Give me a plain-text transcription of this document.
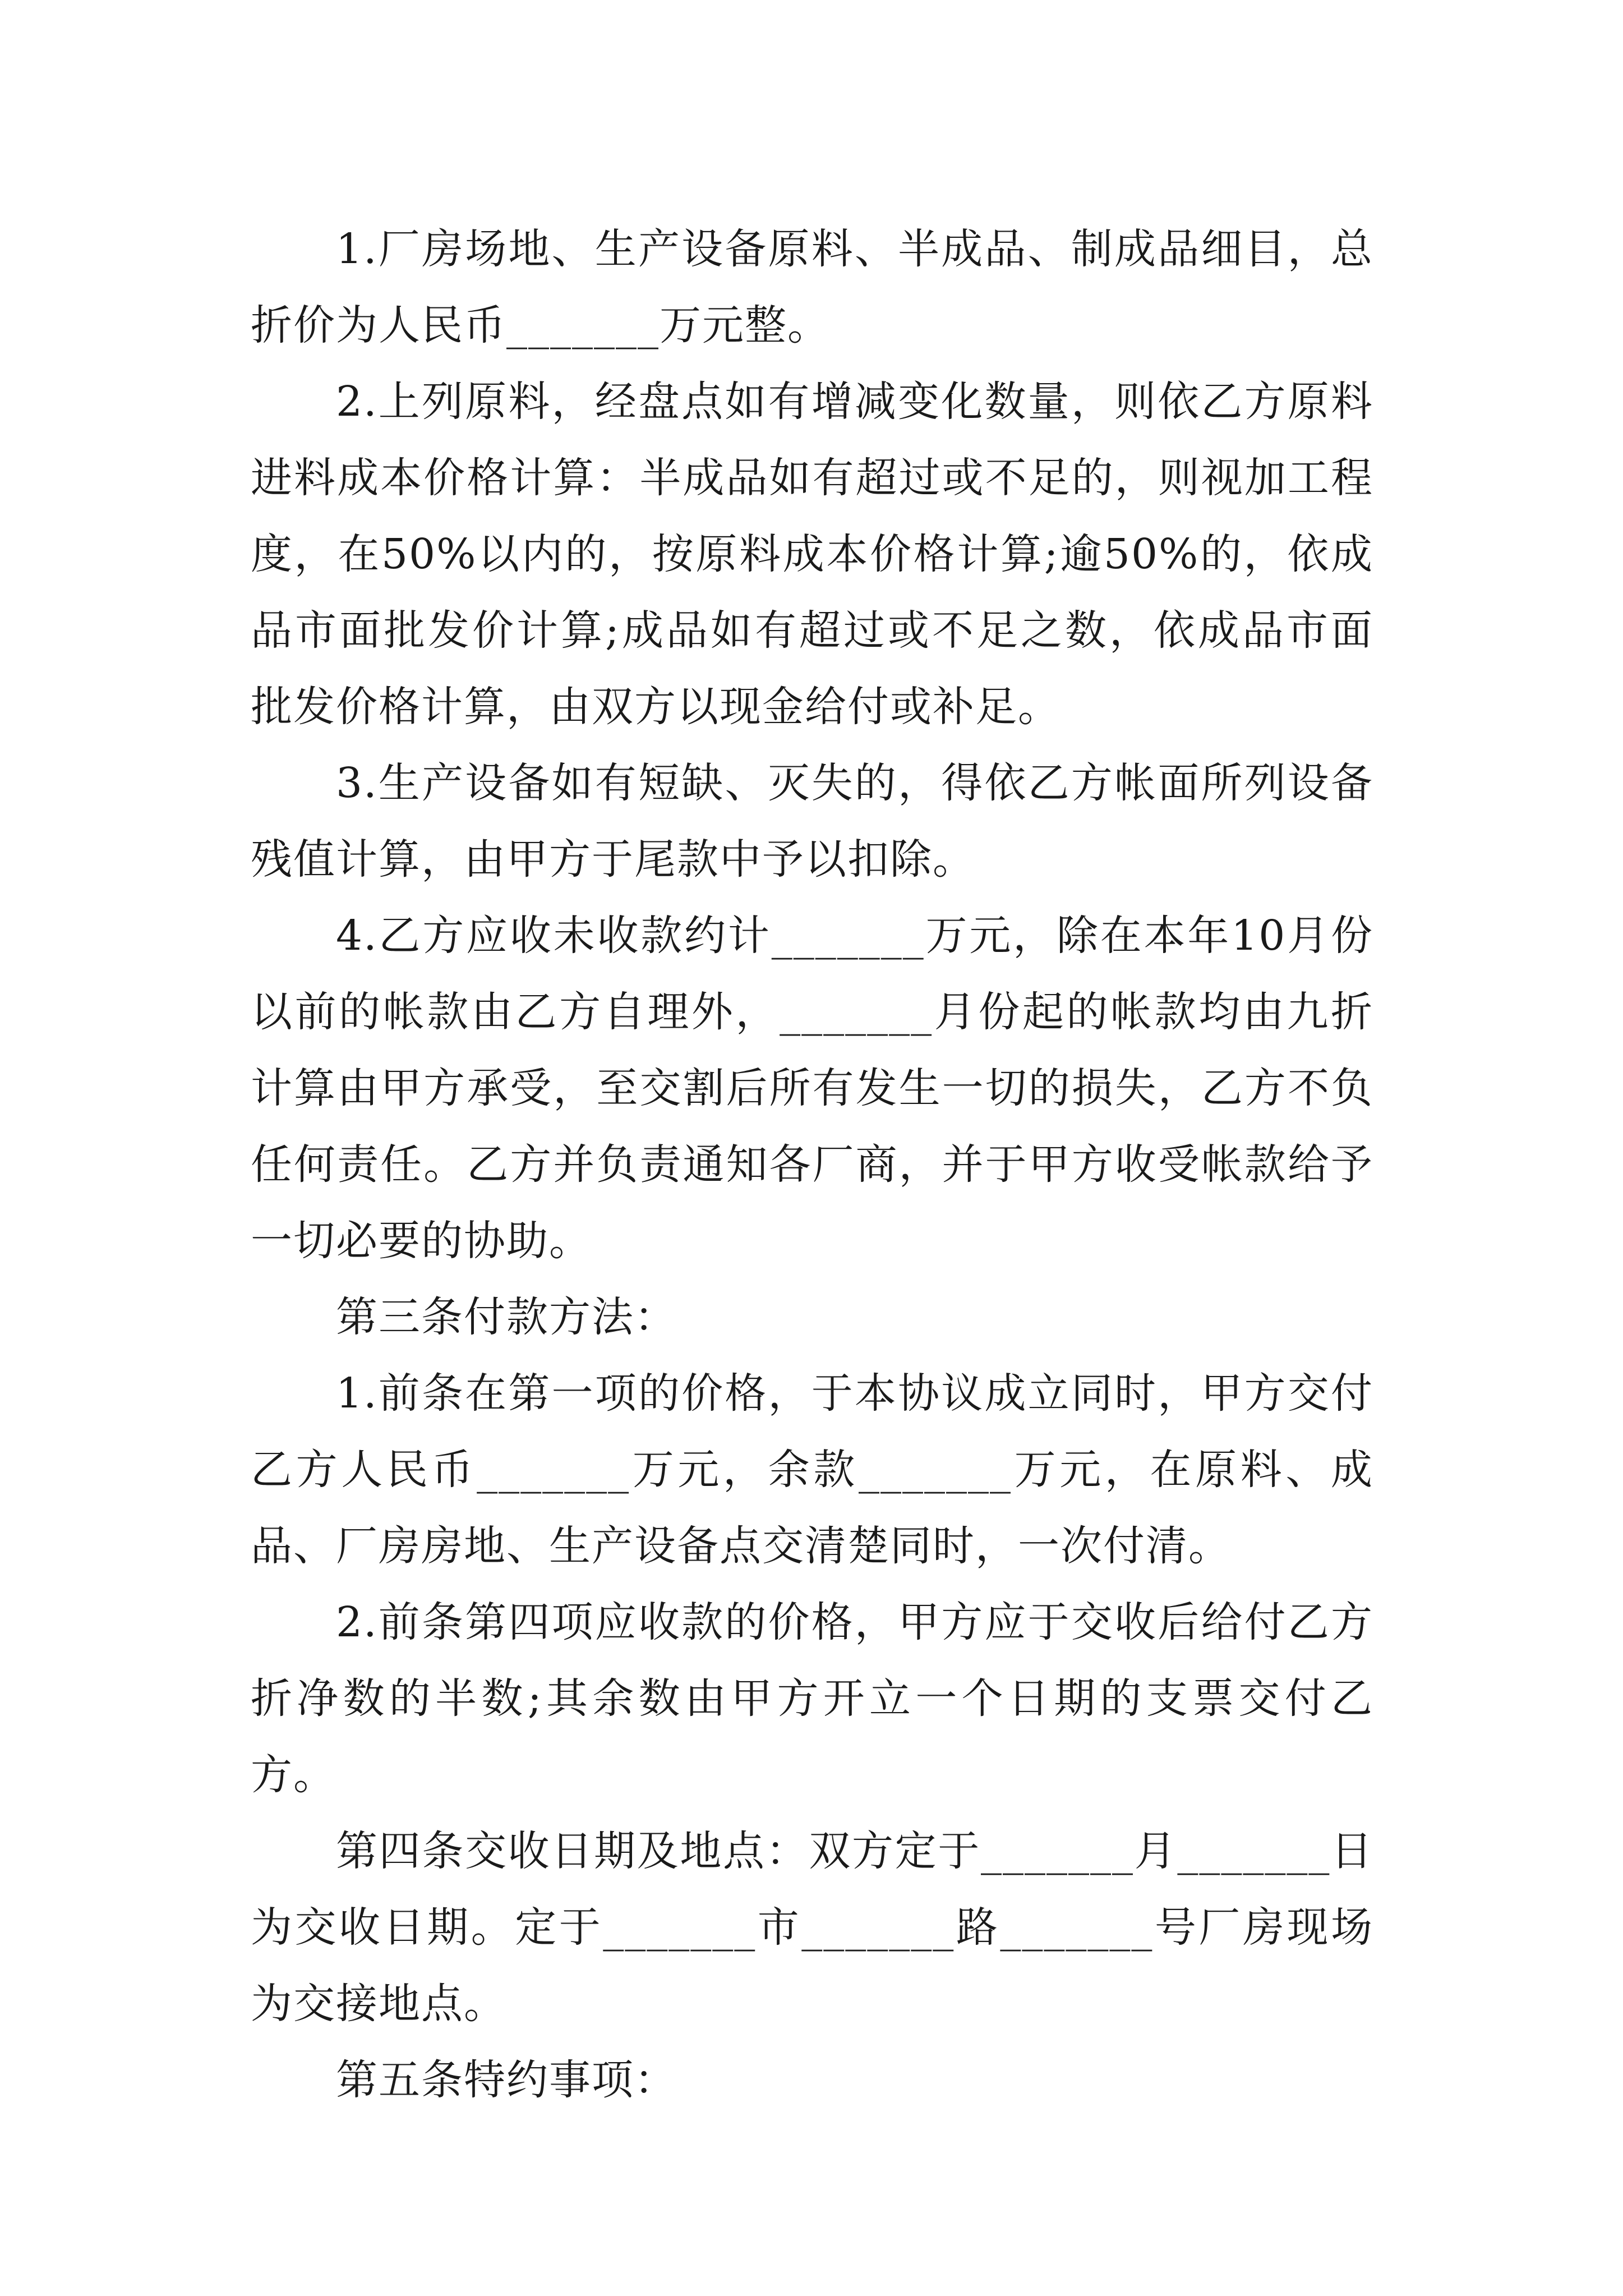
1.厂房场地、生产设备原料、半成品、制成品细目，总折价为人民币_______万元整。

2.上列原料，经盘点如有增减变化数量，则依乙方原料进料成本价格计算：半成品如有超过或不足的，则视加工程度，在50%以内的，按原料成本价格计算;逾50%的，依成品市面批发价计算;成品如有超过或不足之数，依成品市面批发价格计算，由双方以现金给付或补足。

3.生产设备如有短缺、灭失的，得依乙方帐面所列设备残值计算，由甲方于尾款中予以扣除。

4.乙方应收未收款约计_______万元，除在本年10月份以前的帐款由乙方自理外，_______月份起的帐款均由九折计算由甲方承受，至交割后所有发生一切的损失，乙方不负任何责任。乙方并负责通知各厂商，并于甲方收受帐款给予一切必要的协助。

第三条付款方法：

1.前条在第一项的价格，于本协议成立同时，甲方交付乙方人民币_______万元，余款_______万元，在原料、成品、厂房房地、生产设备点交清楚同时，一次付清。

2.前条第四项应收款的价格，甲方应于交收后给付乙方折净数的半数;其余数由甲方开立一个日期的支票交付乙方。

第四条交收日期及地点：双方定于_______月_______日为交收日期。定于_______市_______路_______号厂房现场为交接地点。

第五条特约事项：
